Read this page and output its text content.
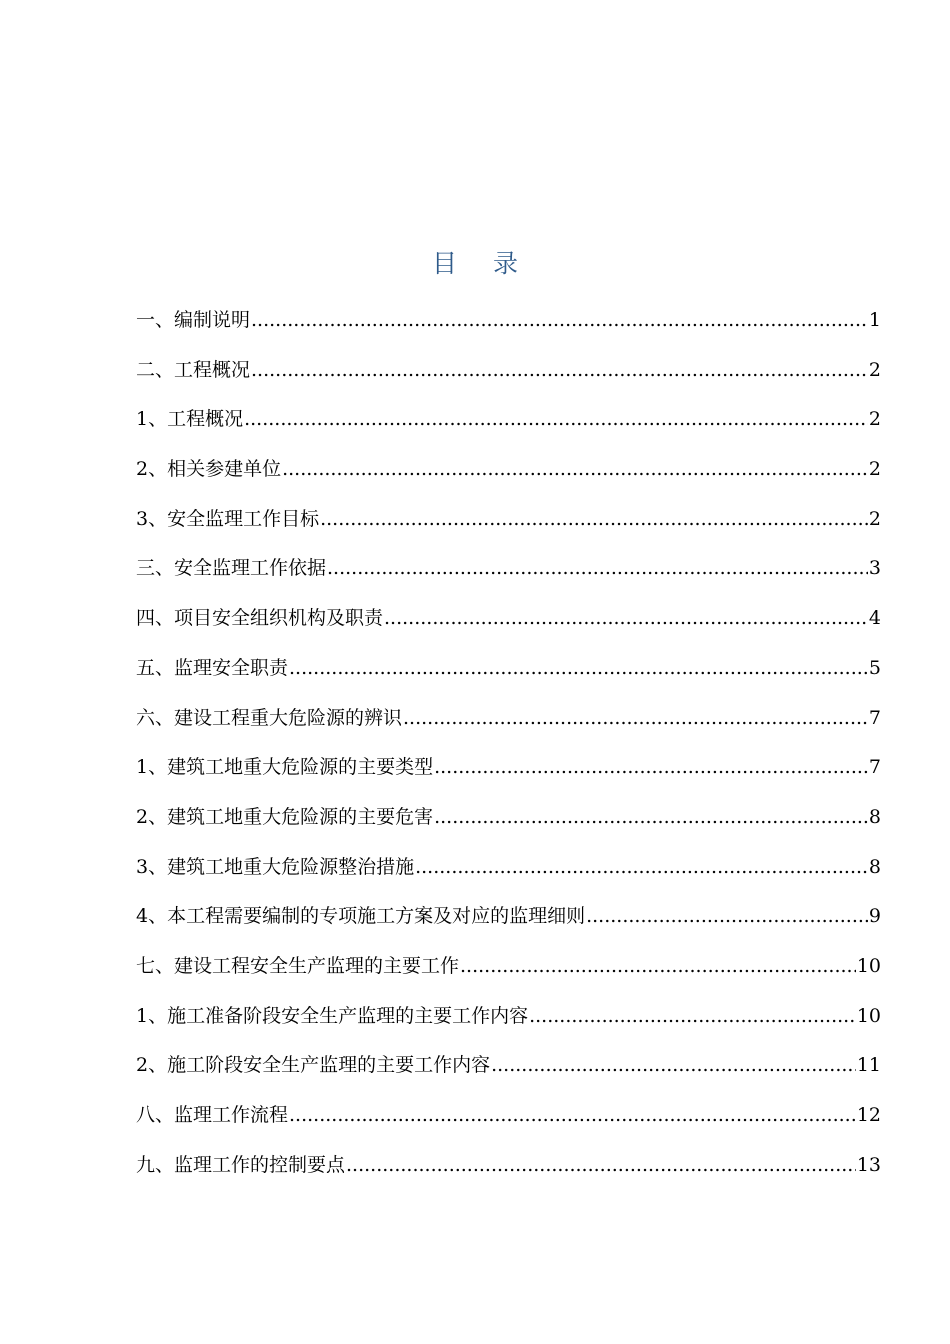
目 录
一、编制说明 .....	1
二、工程概况 .....	2
1、工程概况 .....	2
2、相关参建单位 .....	2
3、安全监理工作目标 .....	2
三、安全监理工作依据 .....	3
四、项目安全组织机构及职责 .....	4
五、监理安全职责 .....	5
六、建设工程重大危险源的辨识 .....	7
1、建筑工地重大危险源的主要类型 .....	7
2、建筑工地重大危险源的主要危害 .....	8
3、建筑工地重大危险源整治措施 .....	8
4、本工程需要编制的专项施工方案及对应的监理细则 .....	9
七、建设工程安全生产监理的主要工作 .....	10
1、施工准备阶段安全生产监理的主要工作内容 .....	10
2、施工阶段安全生产监理的主要工作内容 .....	11
八、监理工作流程 .....	12
九、监理工作的控制要点 .....	13
